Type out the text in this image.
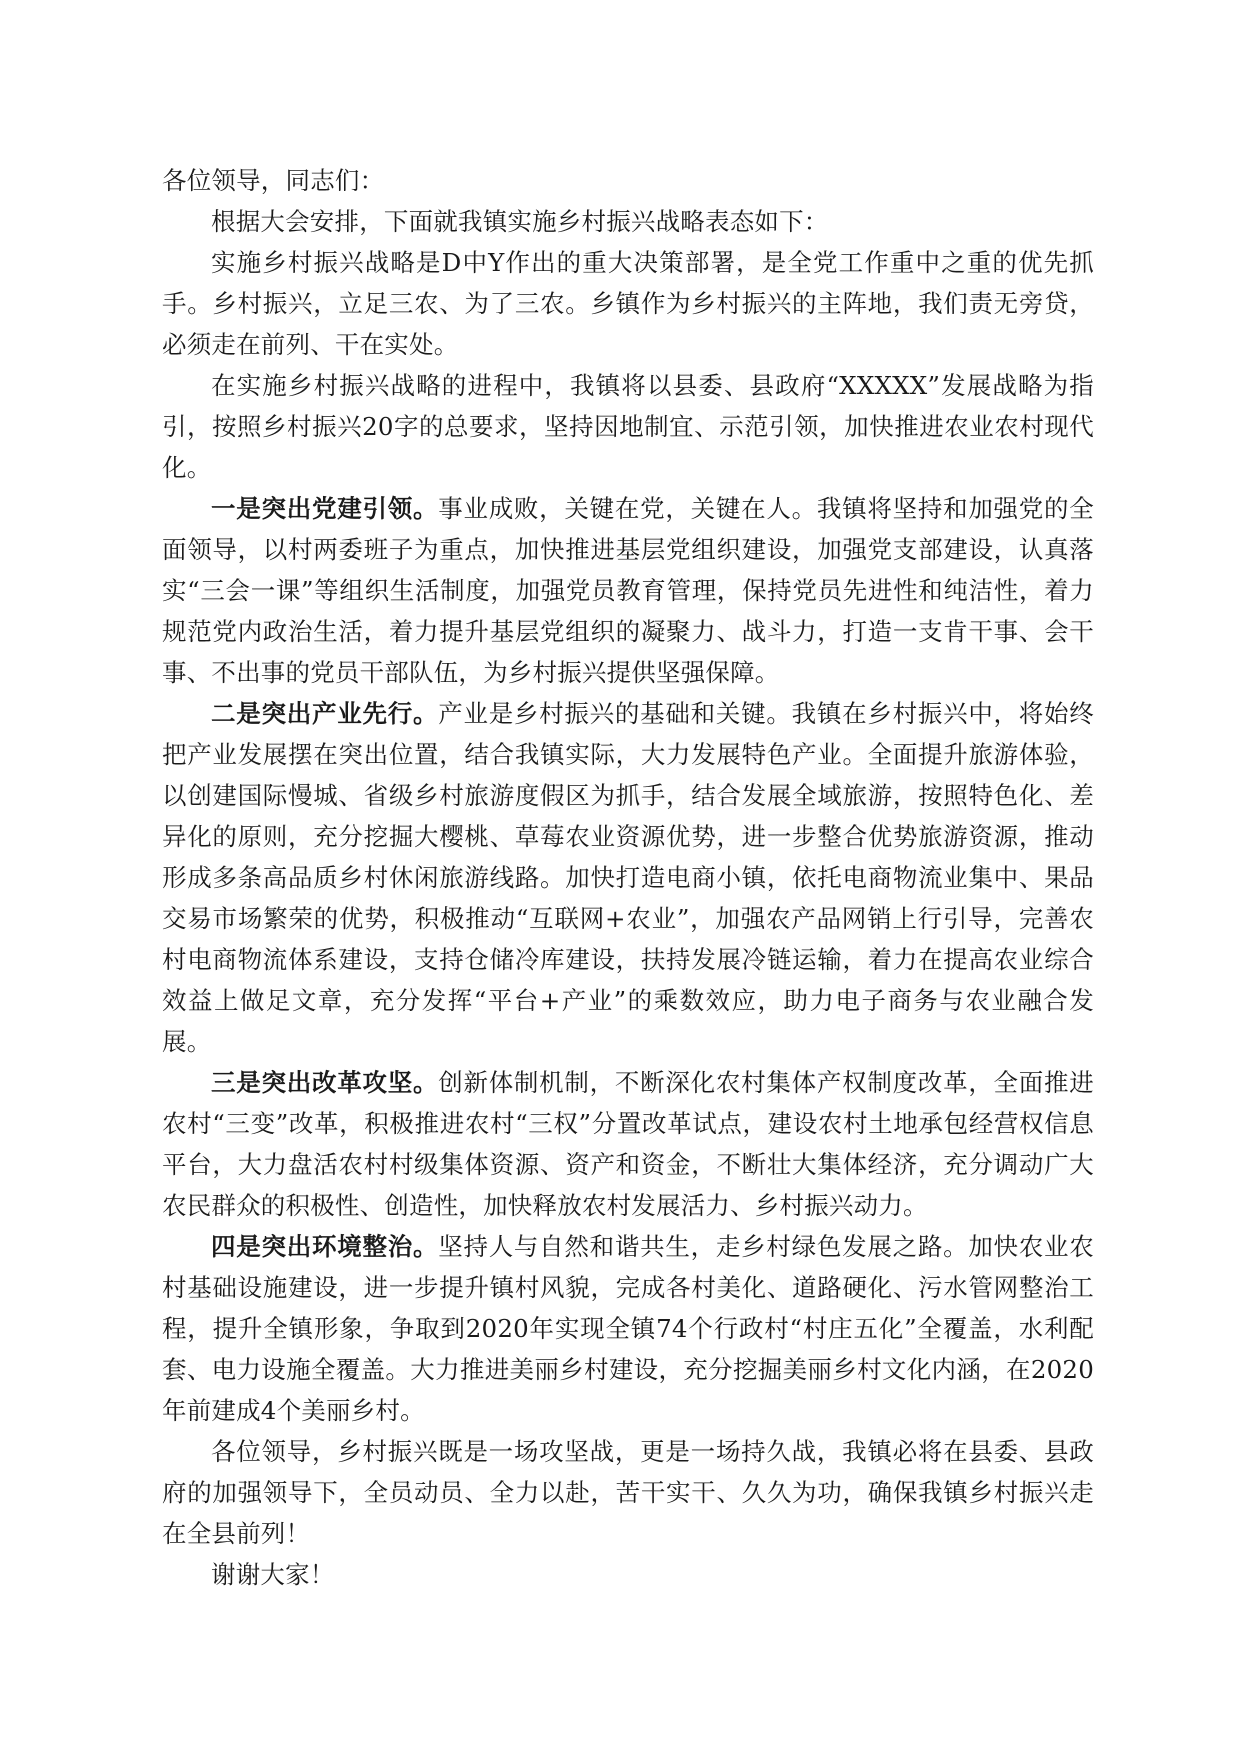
各位领导，同志们：

根据大会安排，下面就我镇实施乡村振兴战略表态如下：

实施乡村振兴战略是D中Y作出的重大决策部署，是全党工作重中之重的优先抓手。乡村振兴，立足三农、为了三农。乡镇作为乡村振兴的主阵地，我们责无旁贷，必须走在前列、干在实处。

在实施乡村振兴战略的进程中，我镇将以县委、县政府“XXXXX”发展战略为指引，按照乡村振兴20字的总要求，坚持因地制宜、示范引领，加快推进农业农村现代化。

一是突出党建引领。事业成败，关键在党，关键在人。我镇将坚持和加强党的全面领导，以村两委班子为重点，加快推进基层党组织建设，加强党支部建设，认真落实“三会一课”等组织生活制度，加强党员教育管理，保持党员先进性和纯洁性，着力规范党内政治生活，着力提升基层党组织的凝聚力、战斗力，打造一支肯干事、会干事、不出事的党员干部队伍，为乡村振兴提供坚强保障。

二是突出产业先行。产业是乡村振兴的基础和关键。我镇在乡村振兴中，将始终把产业发展摆在突出位置，结合我镇实际，大力发展特色产业。全面提升旅游体验，以创建国际慢城、省级乡村旅游度假区为抓手，结合发展全域旅游，按照特色化、差异化的原则，充分挖掘大樱桃、草莓农业资源优势，进一步整合优势旅游资源，推动形成多条高品质乡村休闲旅游线路。加快打造电商小镇，依托电商物流业集中、果品交易市场繁荣的优势，积极推动“互联网+农业”，加强农产品网销上行引导，完善农村电商物流体系建设，支持仓储冷库建设，扶持发展冷链运输，着力在提高农业综合效益上做足文章，充分发挥“平台+产业”的乘数效应，助力电子商务与农业融合发展。

三是突出改革攻坚。创新体制机制，不断深化农村集体产权制度改革，全面推进农村“三变”改革，积极推进农村“三权”分置改革试点，建设农村土地承包经营权信息平台，大力盘活农村村级集体资源、资产和资金，不断壮大集体经济，充分调动广大农民群众的积极性、创造性，加快释放农村发展活力、乡村振兴动力。

四是突出环境整治。坚持人与自然和谐共生，走乡村绿色发展之路。加快农业农村基础设施建设，进一步提升镇村风貌，完成各村美化、道路硬化、污水管网整治工程，提升全镇形象，争取到2020年实现全镇74个行政村“村庄五化”全覆盖，水利配套、电力设施全覆盖。大力推进美丽乡村建设，充分挖掘美丽乡村文化内涵，在2020年前建成4个美丽乡村。

各位领导，乡村振兴既是一场攻坚战，更是一场持久战，我镇必将在县委、县政府的加强领导下，全员动员、全力以赴，苦干实干、久久为功，确保我镇乡村振兴走在全县前列！

谢谢大家！
